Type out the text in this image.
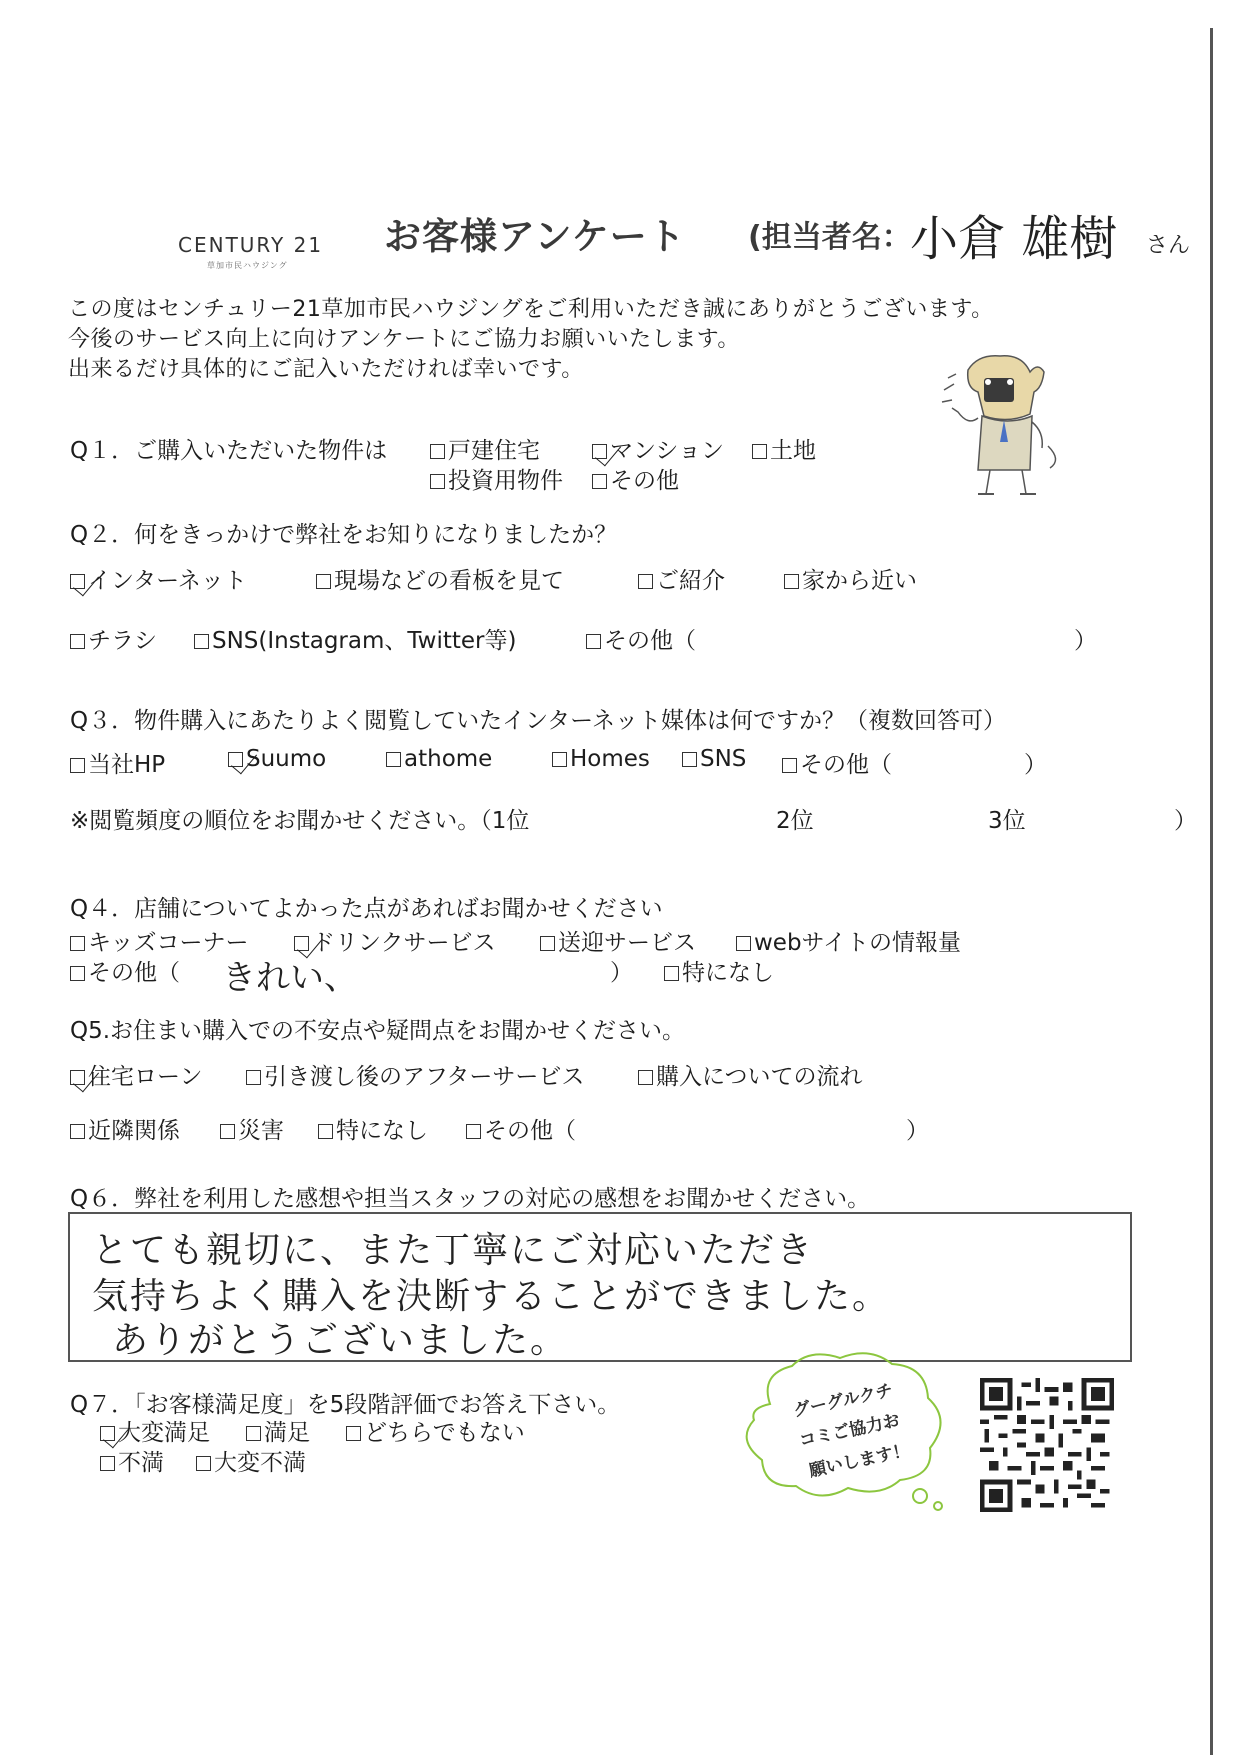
CENTURY 21
草加市民ハウジング
お客様アンケート (担当者名：
小倉 雄樹 さん
この度はセンチュリー21草加市民ハウジングをご利用いただき誠にありがとうございます。
今後のサービス向上に向けアンケートにご協力お願いいたします。
出来るだけ具体的にご記入いただければ幸いです。
Q１．ご購入いただいた物件は	戸建住宅	マンション	土地
投資用物件	その他
Q２．何をきっかけで弊社をお知りになりましたか？
インターネット	現場などの看板を見て	ご紹介	家から近い
チラシ	SNS(Instagram、Twitter等)	その他（	）
Q３．物件購入にあたりよく閲覧していたインターネット媒体は何ですか？（複数回答可）
当社HP	Suumo	athome	Homes	SNS	その他（	）
※閲覧頻度の順位をお聞かせください。（1位	2位	3位	）
Q４．店舗についてよかった点があればお聞かせください
キッズコーナー	ドリンクサービス	送迎サービス	webサイトの情報量
その他（ きれい、	）	特になし
Q5.お住まい購入での不安点や疑問点をお聞かせください。
住宅ローン	引き渡し後のアフターサービス	購入についての流れ
近隣関係	災害	特になし	その他（	）
Q６．弊社を利用した感想や担当スタッフの対応の感想をお聞かせください。
とても親切に、また丁寧にご対応いただき
気持ちよく購入を決断することができました。
ありがとうございました。
Q７．「お客様満足度」を5段階評価でお答え下さい。
大変満足	満足	どちらでもない
不満	大変不満
グーグルクチ
コミご協力お
願いします！
